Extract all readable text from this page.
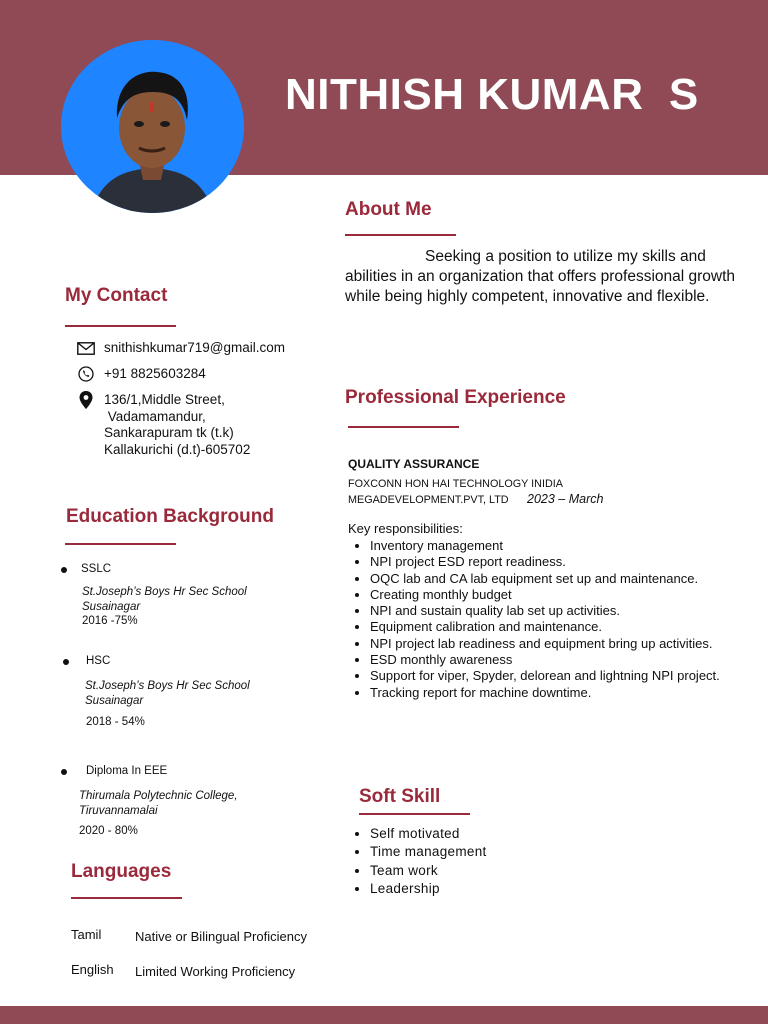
NITHISH KUMAR  S
About Me
Seeking a position to utilize my skills and abilities in an organization that offers professional growth while being highly competent, innovative and flexible.
My Contact
snithishkumar719@gmail.com
+91 8825603284
136/1,Middle Street,
Vadamamandur,
Sankarapuram tk (t.k)
Kallakurichi (d.t)-605702
Education Background
SSLC
St.Joseph’s Boys Hr Sec School
Susainagar
2016 -75%
HSC
St.Joseph’s Boys Hr Sec School
Susainagar
2018 - 54%
Diploma In EEE
Thirumala Polytechnic College,
Tiruvannamalai
2020 - 80%
Languages
Tamil	Native or Bilingual Proficiency
English Limited Working Proficiency
Professional Experience
QUALITY ASSURANCE
FOXCONN HON HAI TECHNOLOGY INIDIA
MEGADEVELOPMENT.PVT, LTD	2023 – March
Key responsibilities:
• Inventory management
• NPI project ESD report readiness.
• OQC lab and CA lab equipment set up and maintenance.
• Creating monthly budget
• NPI and sustain quality lab set up activities.
• Equipment calibration and maintenance.
• NPI project lab readiness and equipment bring up activities.
• ESD monthly awareness
• Support for viper, Spyder, delorean and lightning NPI project.
• Tracking report for machine downtime.
Soft Skill
• Self motivated
• Time management
• Team work
• Leadership
